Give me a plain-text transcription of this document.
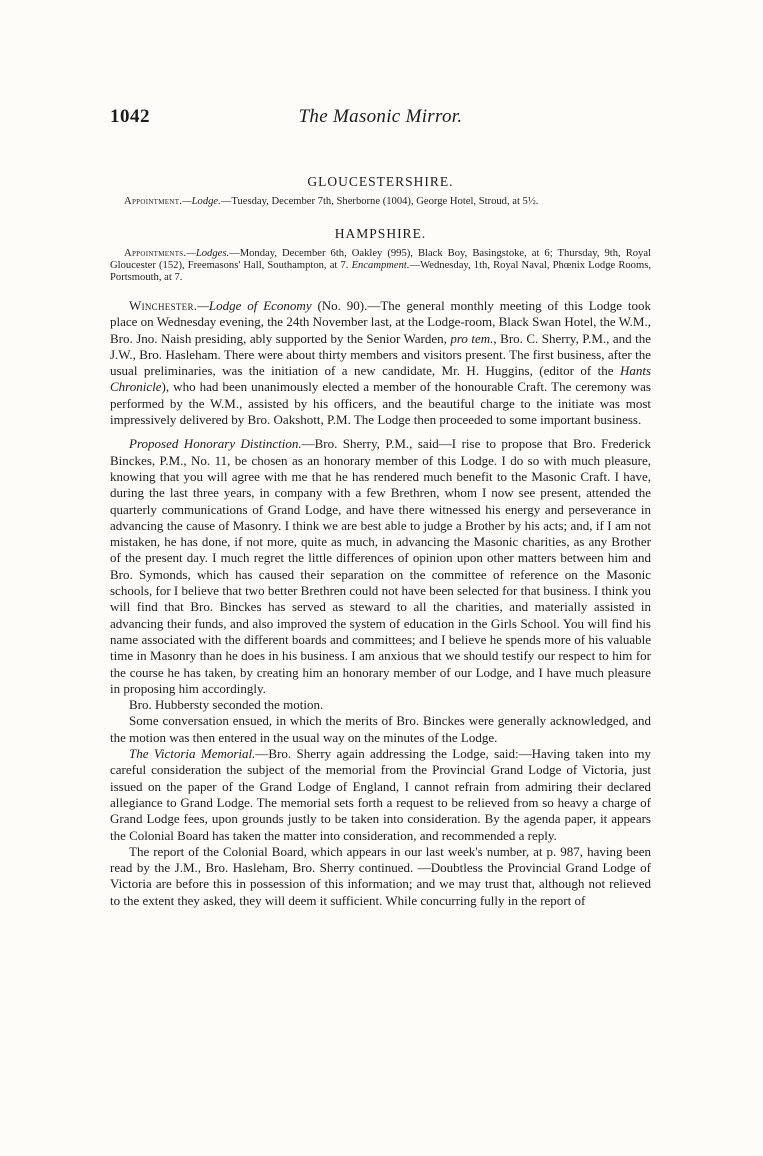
1042	The Masonic Mirror.
GLOUCESTERSHIRE.

Appointment.—Lodge.—Tuesday, December 7th, Sherborne (1004), George Hotel, Stroud, at 5½.

HAMPSHIRE.

Appointments.—Lodges.—Monday, December 6th, Oakley (995), Black Boy, Basingstoke, at 6; Thursday, 9th, Royal Gloucester (152), Freemasons' Hall, Southampton, at 7. Encampment.—Wednesday, 1th, Royal Naval, Phœnix Lodge Rooms, Portsmouth, at 7.

Winchester.—Lodge of Economy (No. 90).—The general monthly meeting of this Lodge took place on Wednesday evening, the 24th November last, at the Lodge-room, Black Swan Hotel, the W.M., Bro. Jno. Naish presiding, ably supported by the Senior Warden, pro tem., Bro. C. Sherry, P.M., and the J.W., Bro. Hasleham. There were about thirty members and visitors present. The first business, after the usual preliminaries, was the initiation of a new candidate, Mr. H. Huggins, (editor of the Hants Chronicle), who had been unanimously elected a member of the honourable Craft. The ceremony was performed by the W.M., assisted by his officers, and the beautiful charge to the initiate was most impressively delivered by Bro. Oakshott, P.M. The Lodge then proceeded to some important business.

Proposed Honorary Distinction.—Bro. Sherry, P.M., said—I rise to propose that Bro. Frederick Binckes, P.M., No. 11, be chosen as an honorary member of this Lodge. I do so with much pleasure, knowing that you will agree with me that he has rendered much benefit to the Masonic Craft. I have, during the last three years, in company with a few Brethren, whom I now see present, attended the quarterly communications of Grand Lodge, and have there witnessed his energy and perseverance in advancing the cause of Masonry. I think we are best able to judge a Brother by his acts; and, if I am not mistaken, he has done, if not more, quite as much, in advancing the Masonic charities, as any Brother of the present day. I much regret the little differences of opinion upon other matters between him and Bro. Symonds, which has caused their separation on the committee of reference on the Masonic schools, for I believe that two better Brethren could not have been selected for that business. I think you will find that Bro. Binckes has served as steward to all the charities, and materially assisted in advancing their funds, and also improved the system of education in the Girls School. You will find his name associated with the different boards and committees; and I believe he spends more of his valuable time in Masonry than he does in his business. I am anxious that we should testify our respect to him for the course he has taken, by creating him an honorary member of our Lodge, and I have much pleasure in proposing him accordingly.

Bro. Hubbersty seconded the motion.

Some conversation ensued, in which the merits of Bro. Binckes were generally acknowledged, and the motion was then entered in the usual way on the minutes of the Lodge.

The Victoria Memorial.—Bro. Sherry again addressing the Lodge, said:—Having taken into my careful consideration the subject of the memorial from the Provincial Grand Lodge of Victoria, just issued on the paper of the Grand Lodge of England, I cannot refrain from admiring their declared allegiance to Grand Lodge. The memorial sets forth a request to be relieved from so heavy a charge of Grand Lodge fees, upon grounds justly to be taken into consideration. By the agenda paper, it appears the Colonial Board has taken the matter into consideration, and recommended a reply.

The report of the Colonial Board, which appears in our last week's number, at p. 987, having been read by the J.M., Bro. Hasleham, Bro. Sherry continued. —Doubtless the Provincial Grand Lodge of Victoria are before this in possession of this information; and we may trust that, although not relieved to the extent they asked, they will deem it sufficient. While concurring fully in the report of
